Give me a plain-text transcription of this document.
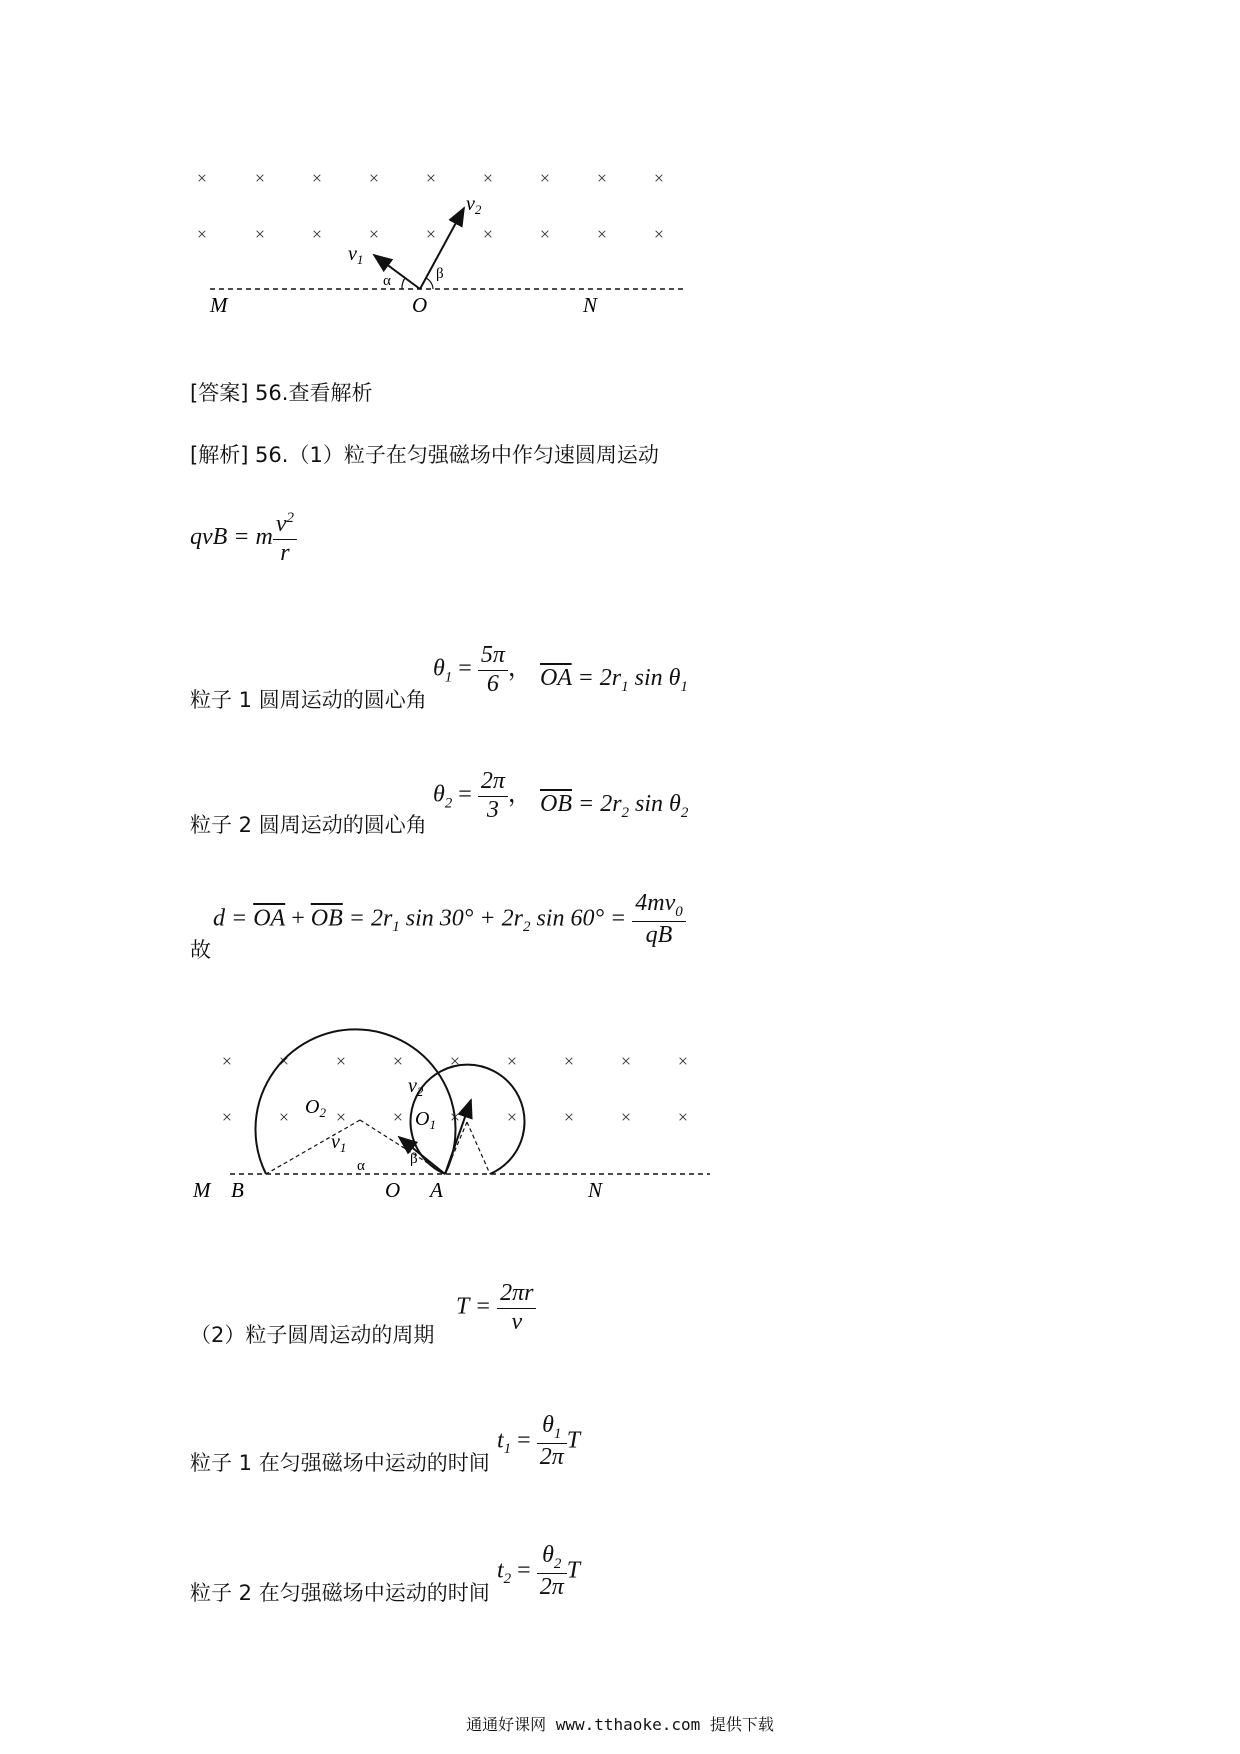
×	×	×	×	×	×	×	×	×
×	×	×	×	×	×	×	×	×
M	O	N
$v_1$
$v_2$
α	β
[答案] 56.查看解析
[解析] 56.（1）粒子在匀强磁场中作匀速圆周运动
qvB = m $\frac{v^2}{r}$
粒子 1 圆周运动的圆心角
$\theta_1 = \frac{5\pi}{6}$ ， $\overline{OA} = 2r_1$ $\sin \theta_1$
粒子 2 圆周运动的圆心角
$\theta_2 = \frac{2\pi}{3}$ ， $\overline{OB} = 2r_2$ $\sin \theta_2$
$d = \overline{OA} + \overline{OB} = 2r_1$ $\sin 30^\circ + 2r_2$ $\sin 60^\circ = \frac{4mv_0}{qB}$
故
×	×	×	×	×	×	×	×	×
×	×	×	×	×	×	×	×	×
M B	O A	N
$O_2$	$O_1$
$v_1$
$v_2$
α	β
（2）粒子圆周运动的周期
$T = \frac{2\pi r}{v}$
粒子 1 在匀强磁场中运动的时间
$t_1 = \frac{\theta_1}{2\pi}$ T
粒子 2 在匀强磁场中运动的时间
$t_2 = \frac{\theta_2}{2\pi}$ T
通通好课网 www.tthaoke.com 提供下载
